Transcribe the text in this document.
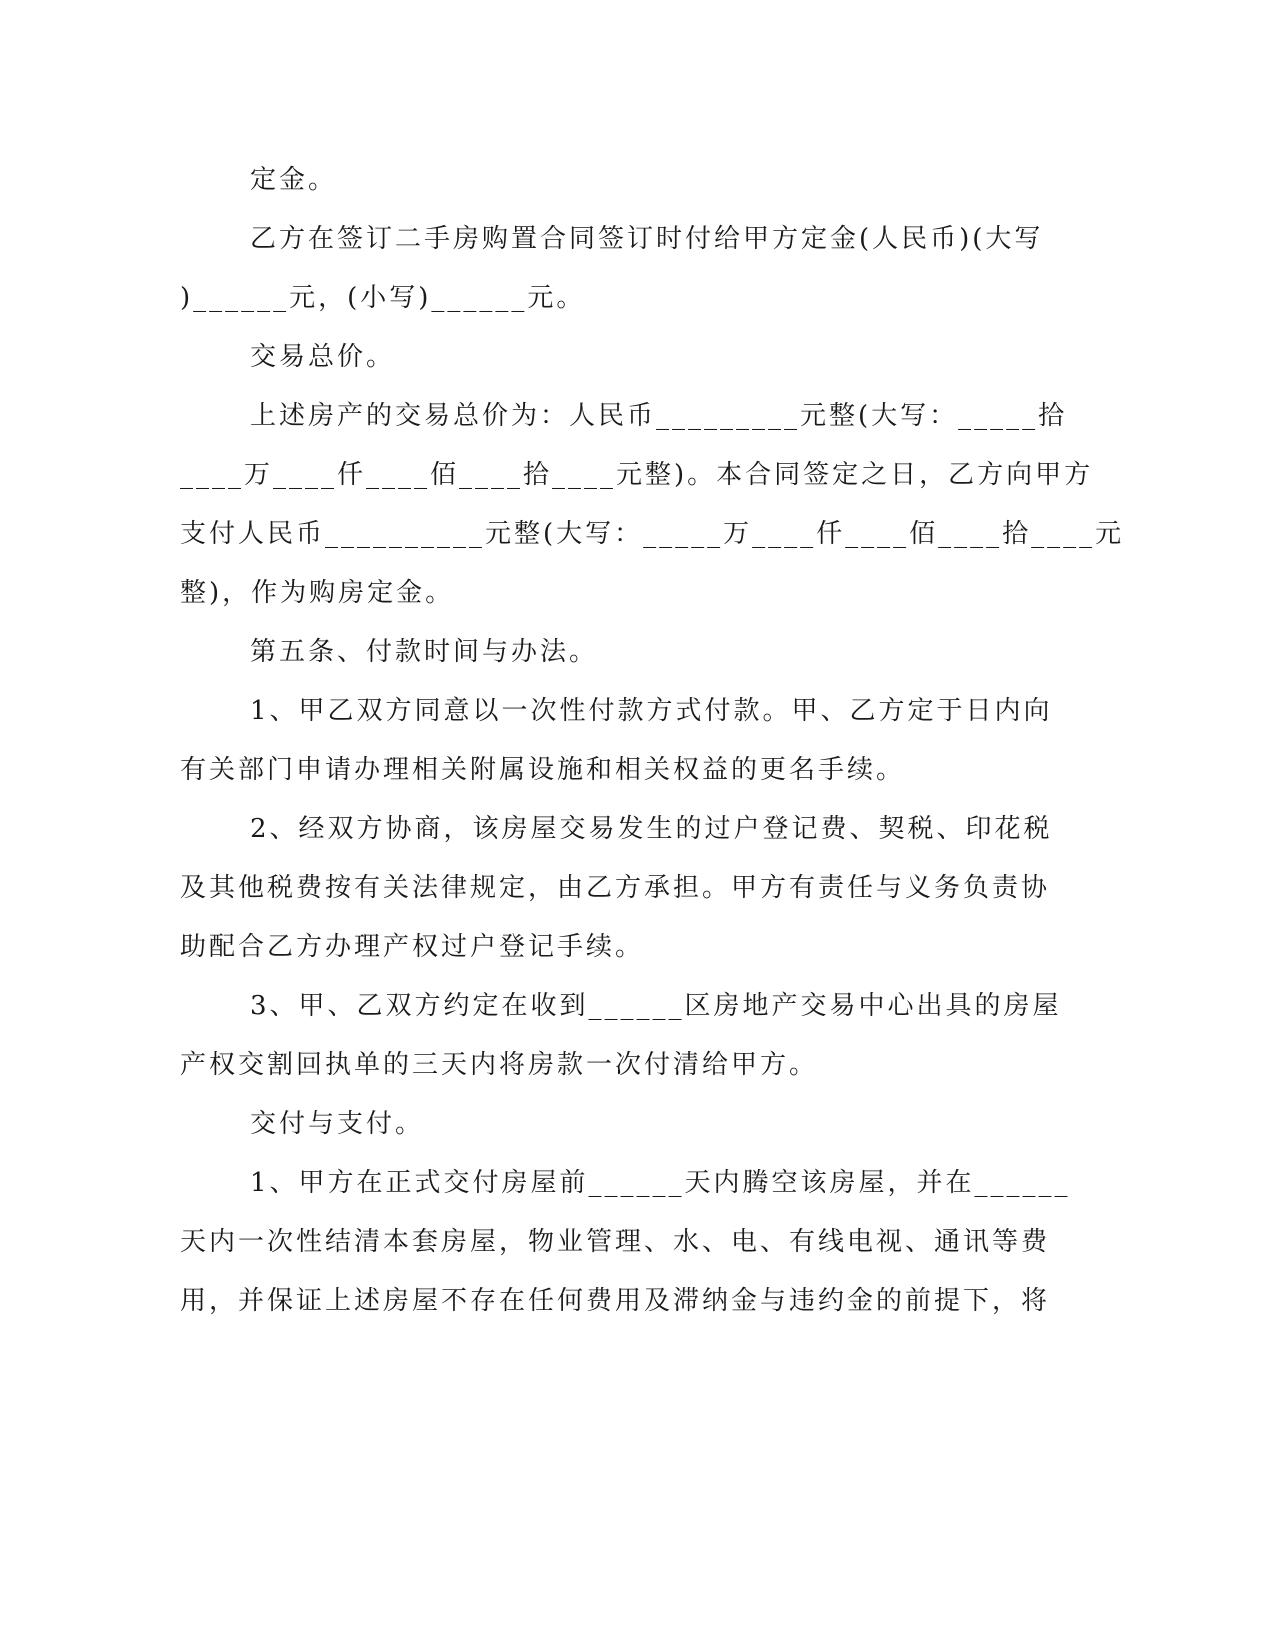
定金。
乙方在签订二手房购置合同签订时付给甲方定金(人民币)(大写
)______元，(小写)______元。
交易总价。
上述房产的交易总价为：人民币_________元整(大写：_____拾
____万____仟____佰____拾____元整)。本合同签定之日，乙方向甲方
支付人民币__________元整(大写：_____万____仟____佰____拾____元
整)，作为购房定金。
第五条、付款时间与办法。
1、甲乙双方同意以一次性付款方式付款。甲、乙方定于日内向
有关部门申请办理相关附属设施和相关权益的更名手续。
2、经双方协商，该房屋交易发生的过户登记费、契税、印花税
及其他税费按有关法律规定，由乙方承担。甲方有责任与义务负责协
助配合乙方办理产权过户登记手续。
3、甲、乙双方约定在收到______区房地产交易中心出具的房屋
产权交割回执单的三天内将房款一次付清给甲方。
交付与支付。
1、甲方在正式交付房屋前______天内腾空该房屋，并在______
天内一次性结清本套房屋，物业管理、水、电、有线电视、通讯等费
用，并保证上述房屋不存在任何费用及滞纳金与违约金的前提下，将
